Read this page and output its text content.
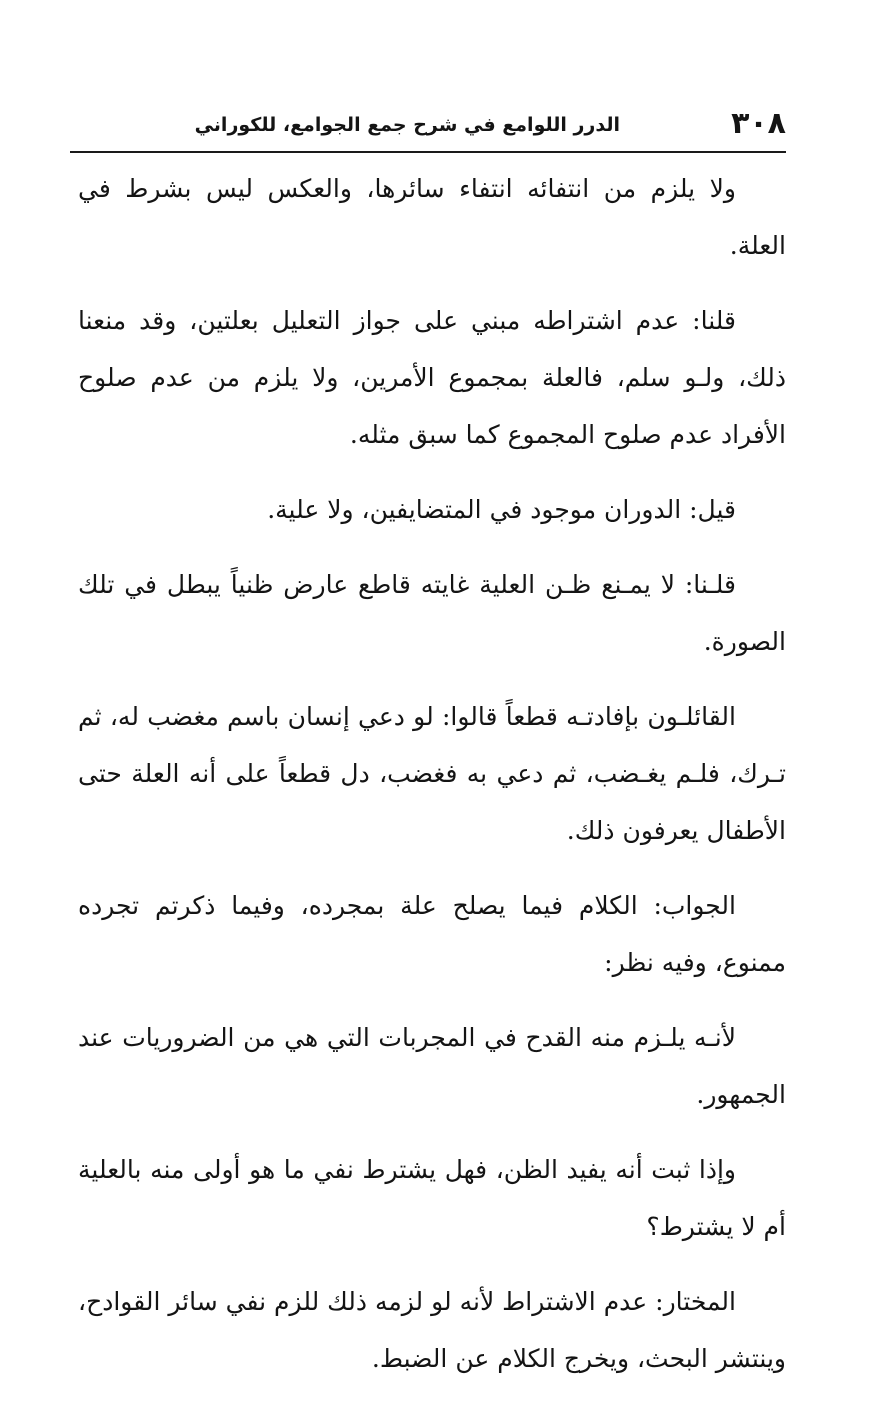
٣٠٨
الدرر اللوامع في شرح جمع الجوامع، للكوراني

ولا يلزم من انتفائه انتفاء سائرها، والعكس ليس بشرط في العلة.

قلنا: عدم اشتراطه مبني على جواز التعليل بعلتين، وقد منعنا ذلك، ولـو سلم، فالعلة بمجموع الأمرين، ولا يلزم من عدم صلوح الأفراد عدم صلوح المجموع كما سبق مثله.

قيل: الدوران موجود في المتضايفين، ولا علية.

قلـنا: لا يمـنع ظـن العلية غايته قاطع عارض ظنياً يبطل في تلك الصورة.

القائلـون بإفادتـه قطعاً قالوا: لو دعي إنسان باسم مغضب له، ثم تـرك، فلـم يغـضب، ثم دعي به فغضب، دل قطعاً على أنه العلة حتى الأطفال يعرفون ذلك.

الجواب: الكلام فيما يصلح علة بمجرده، وفيما ذكرتم تجرده ممنوع، وفيه نظر:

لأنـه يلـزم منه القدح في المجربات التي هي من الضروريات عند الجمهور.

وإذا ثبت أنه يفيد الظن، فهل يشترط نفي ما هو أولى منه بالعلية أم لا يشترط؟

المختار: عدم الاشتراط لأنه لو لزمه ذلك للزم نفي سائر القوادح، وينتشر البحث، ويخرج الكلام عن الضبط.
